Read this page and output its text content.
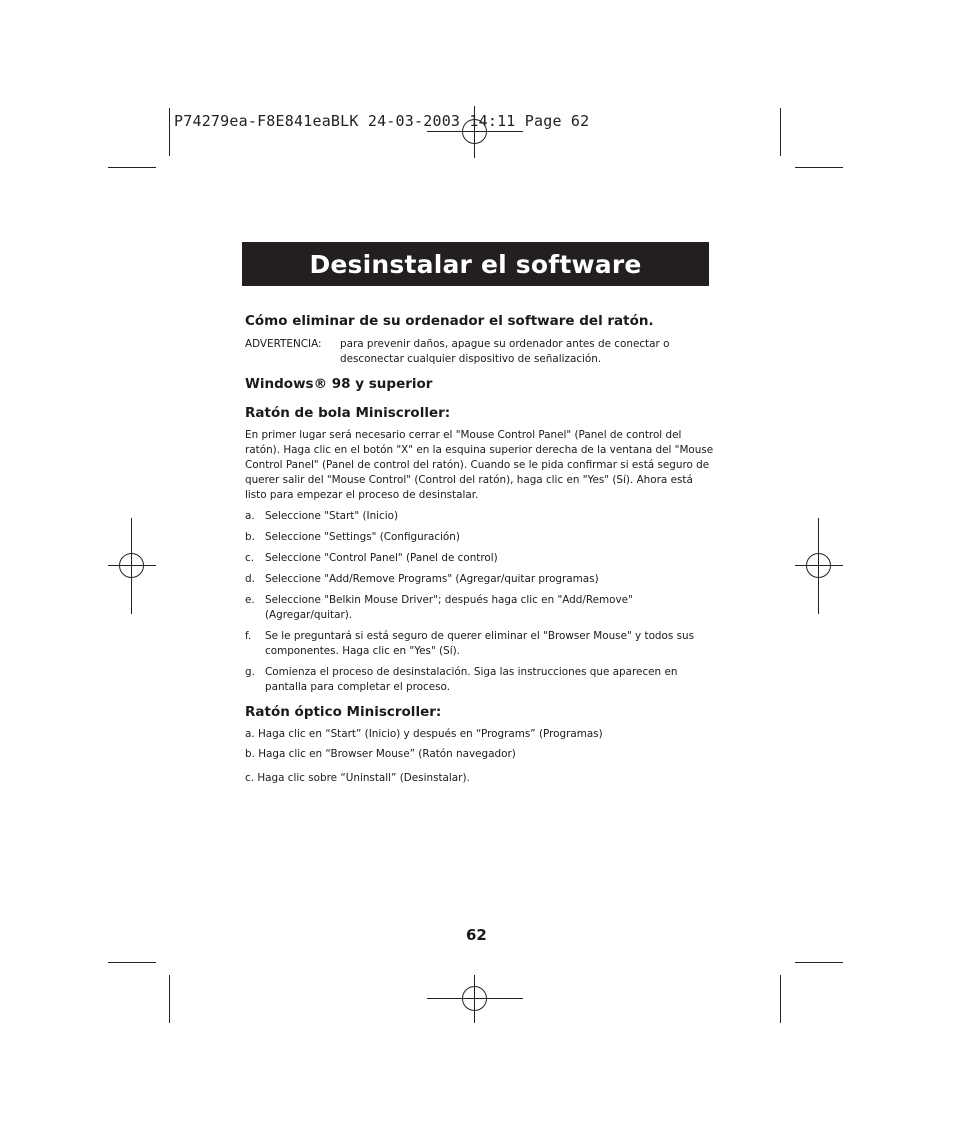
P74279ea-F8E841eaBLK 24-03-2003 14:11 Page 62
Desinstalar el software
Cómo eliminar de su ordenador el software del ratón.
ADVERTENCIA: para prevenir daños, apague su ordenador antes de conectar o desconectar cualquier dispositivo de señalización.
Windows® 98 y superior
Ratón de bola Miniscroller:
En primer lugar será necesario cerrar el "Mouse Control Panel" (Panel de control del ratón). Haga clic en el botón "X" en la esquina superior derecha de la ventana del "Mouse Control Panel" (Panel de control del ratón). Cuando se le pida confirmar si está seguro de querer salir del "Mouse Control" (Control del ratón), haga clic en "Yes" (Sí). Ahora está listo para empezar el proceso de desinstalar.
a. Seleccione "Start" (Inicio)
b. Seleccione "Settings" (Configuración)
c.	Seleccione "Control Panel" (Panel de control)
d. Seleccione "Add/Remove Programs" (Agregar/quitar programas)
e. Seleccione "Belkin Mouse Driver"; después haga clic en "Add/Remove" (Agregar/quitar).
f.	Se le preguntará si está seguro de querer eliminar el "Browser Mouse" y todos sus componentes. Haga clic en "Yes" (Sí).
g. Comienza el proceso de desinstalación. Siga las instrucciones que aparecen en pantalla para completar el proceso.
Ratón óptico Miniscroller:
a. Haga clic en “Start” (Inicio) y después en “Programs” (Programas)
b. Haga clic en “Browser Mouse” (Ratón navegador)
c. Haga clic sobre “Uninstall” (Desinstalar).
62
